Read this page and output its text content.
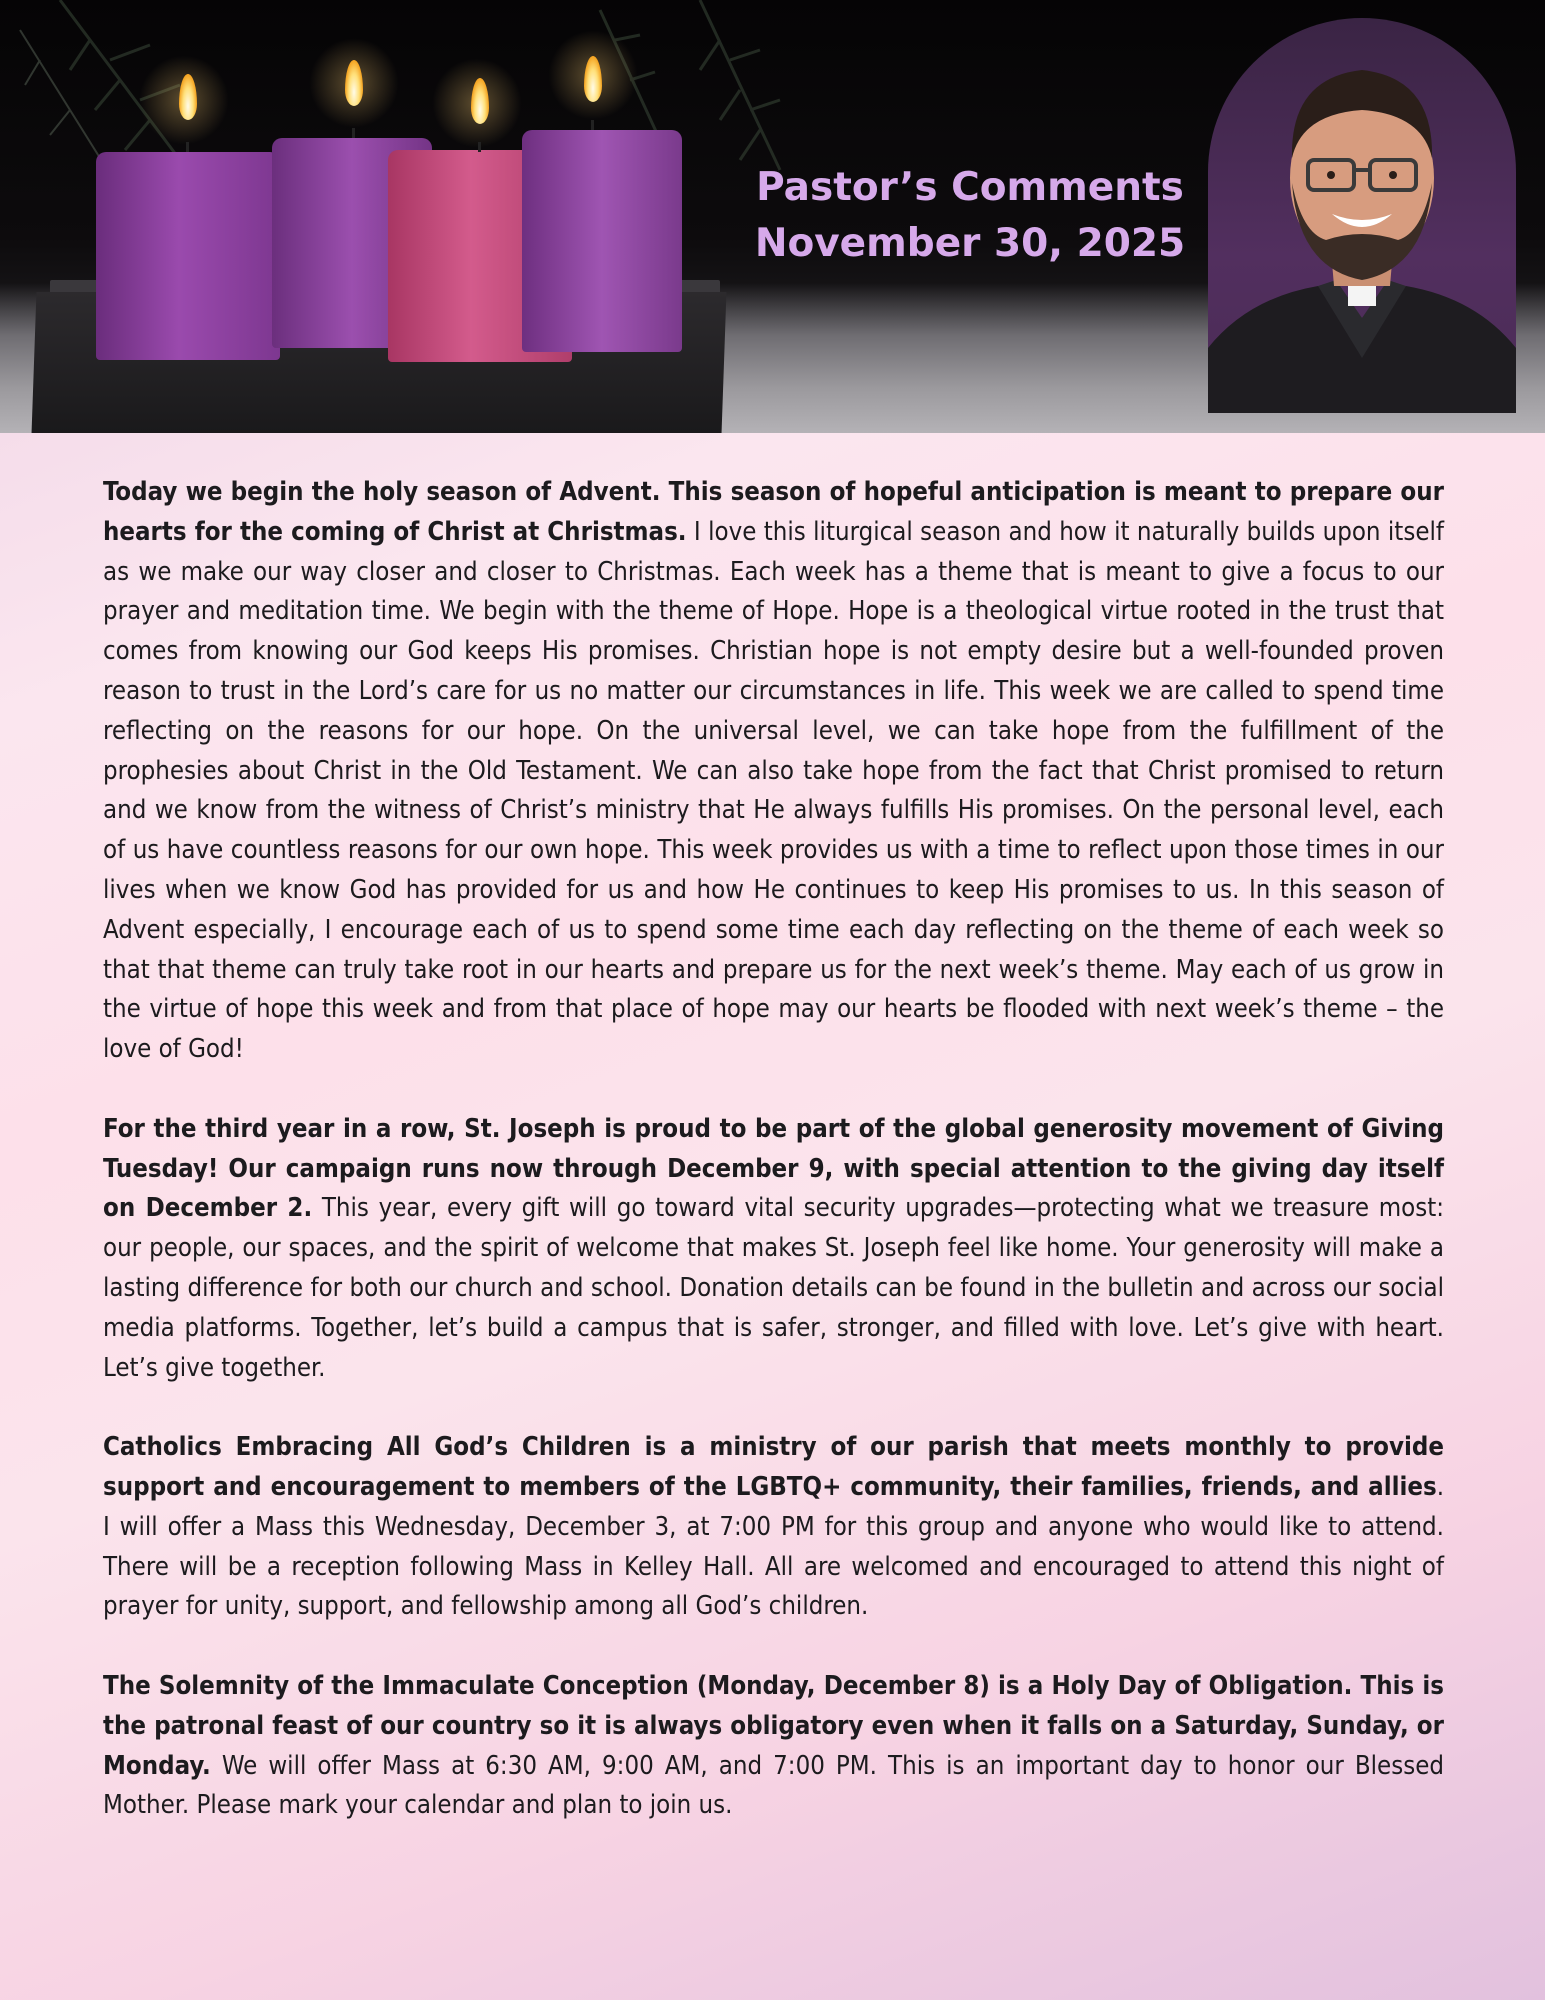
Pastor’s Comments
November 30, 2025

Today we begin the holy season of Advent. This season of hopeful anticipation is meant to prepare our hearts for the coming of Christ at Christmas. I love this liturgical season and how it naturally builds upon itself as we make our way closer and closer to Christmas. Each week has a theme that is meant to give a focus to our prayer and meditation time. We begin with the theme of Hope. Hope is a theological virtue rooted in the trust that comes from knowing our God keeps His promises. Christian hope is not empty desire but a well-founded proven reason to trust in the Lord’s care for us no matter our circumstances in life. This week we are called to spend time reflecting on the reasons for our hope. On the universal level, we can take hope from the fulfillment of the prophesies about Christ in the Old Testament. We can also take hope from the fact that Christ promised to return and we know from the witness of Christ’s ministry that He always fulfills His promises. On the personal level, each of us have countless reasons for our own hope. This week provides us with a time to reflect upon those times in our lives when we know God has provided for us and how He continues to keep His promises to us. In this season of Advent especially, I encourage each of us to spend some time each day reflecting on the theme of each week so that that theme can truly take root in our hearts and prepare us for the next week’s theme. May each of us grow in the virtue of hope this week and from that place of hope may our hearts be flooded with next week’s theme – the love of God!

For the third year in a row, St. Joseph is proud to be part of the global generosity movement of Giving Tuesday! Our campaign runs now through December 9, with special attention to the giving day itself on December 2. This year, every gift will go toward vital security upgrades—protecting what we treasure most: our people, our spaces, and the spirit of welcome that makes St. Joseph feel like home. Your generosity will make a lasting difference for both our church and school. Donation details can be found in the bulletin and across our social media platforms. Together, let’s build a campus that is safer, stronger, and filled with love. Let’s give with heart. Let’s give together.

Catholics Embracing All God’s Children is a ministry of our parish that meets monthly to provide support and encouragement to members of the LGBTQ+ community, their families, friends, and allies. I will offer a Mass this Wednesday, December 3, at 7:00 PM for this group and anyone who would like to attend. There will be a reception following Mass in Kelley Hall. All are welcomed and encouraged to attend this night of prayer for unity, support, and fellowship among all God’s children.

The Solemnity of the Immaculate Conception (Monday, December 8) is a Holy Day of Obligation. This is the patronal feast of our country so it is always obligatory even when it falls on a Saturday, Sunday, or Monday. We will offer Mass at 6:30 AM, 9:00 AM, and 7:00 PM. This is an important day to honor our Blessed Mother. Please mark your calendar and plan to join us.
